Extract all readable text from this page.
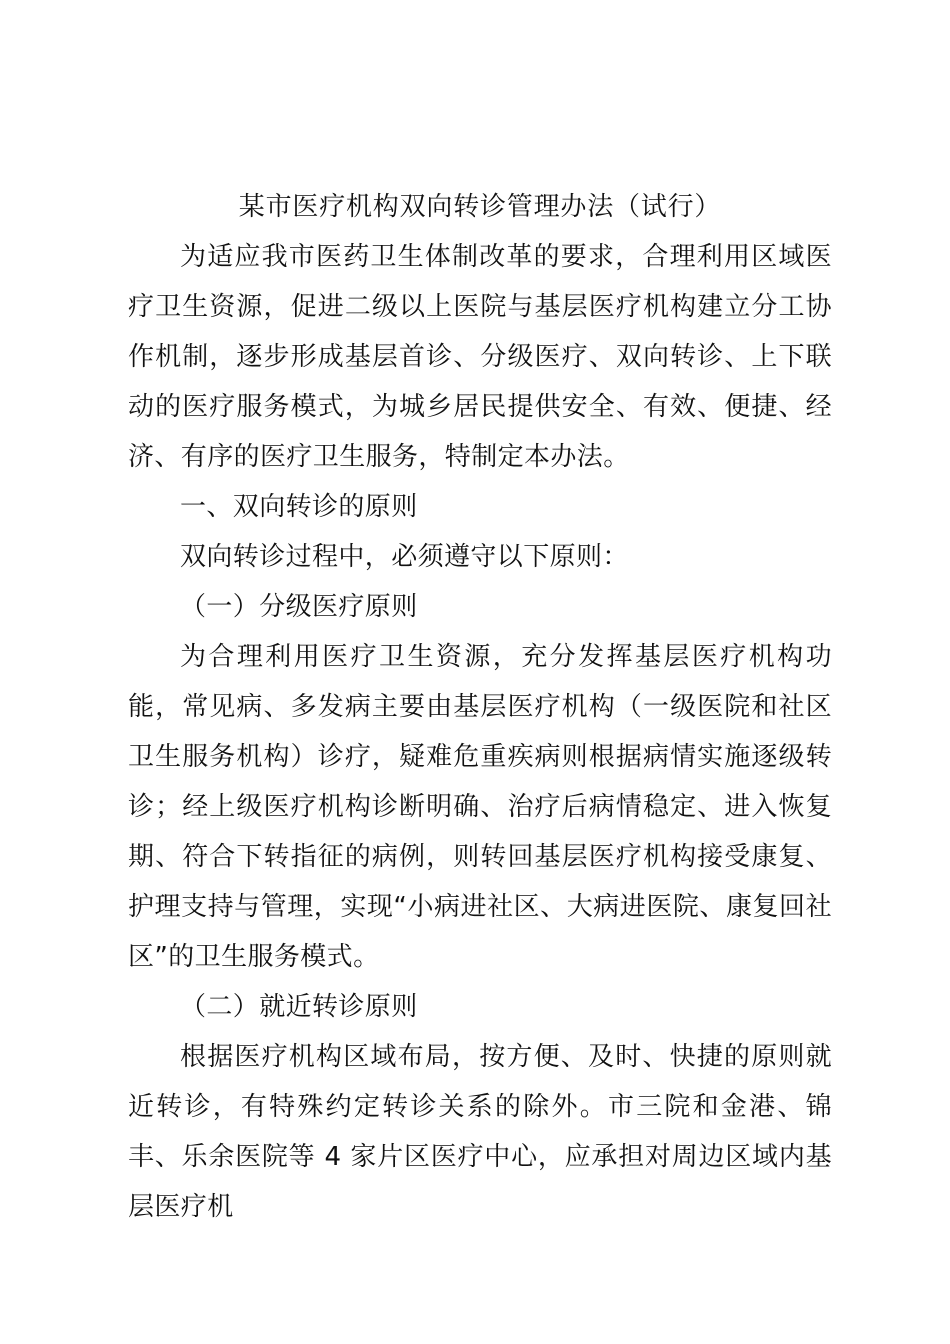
某市医疗机构双向转诊管理办法（试行）

为适应我市医药卫生体制改革的要求，合理利用区域医疗卫生资源，促进二级以上医院与基层医疗机构建立分工协作机制，逐步形成基层首诊、分级医疗、双向转诊、上下联动的医疗服务模式，为城乡居民提供安全、有效、便捷、经济、有序的医疗卫生服务，特制定本办法。

一、双向转诊的原则

双向转诊过程中，必须遵守以下原则：

（一）分级医疗原则

为合理利用医疗卫生资源，充分发挥基层医疗机构功能，常见病、多发病主要由基层医疗机构（一级医院和社区卫生服务机构）诊疗，疑难危重疾病则根据病情实施逐级转诊；经上级医疗机构诊断明确、治疗后病情稳定、进入恢复期、符合下转指征的病例，则转回基层医疗机构接受康复、护理支持与管理，实现“小病进社区、大病进医院、康复回社区”的卫生服务模式。

（二）就近转诊原则

根据医疗机构区域布局，按方便、及时、快捷的原则就近转诊，有特殊约定转诊关系的除外。市三院和金港、锦丰、乐余医院等 4 家片区医疗中心，应承担对周边区域内基层医疗机
